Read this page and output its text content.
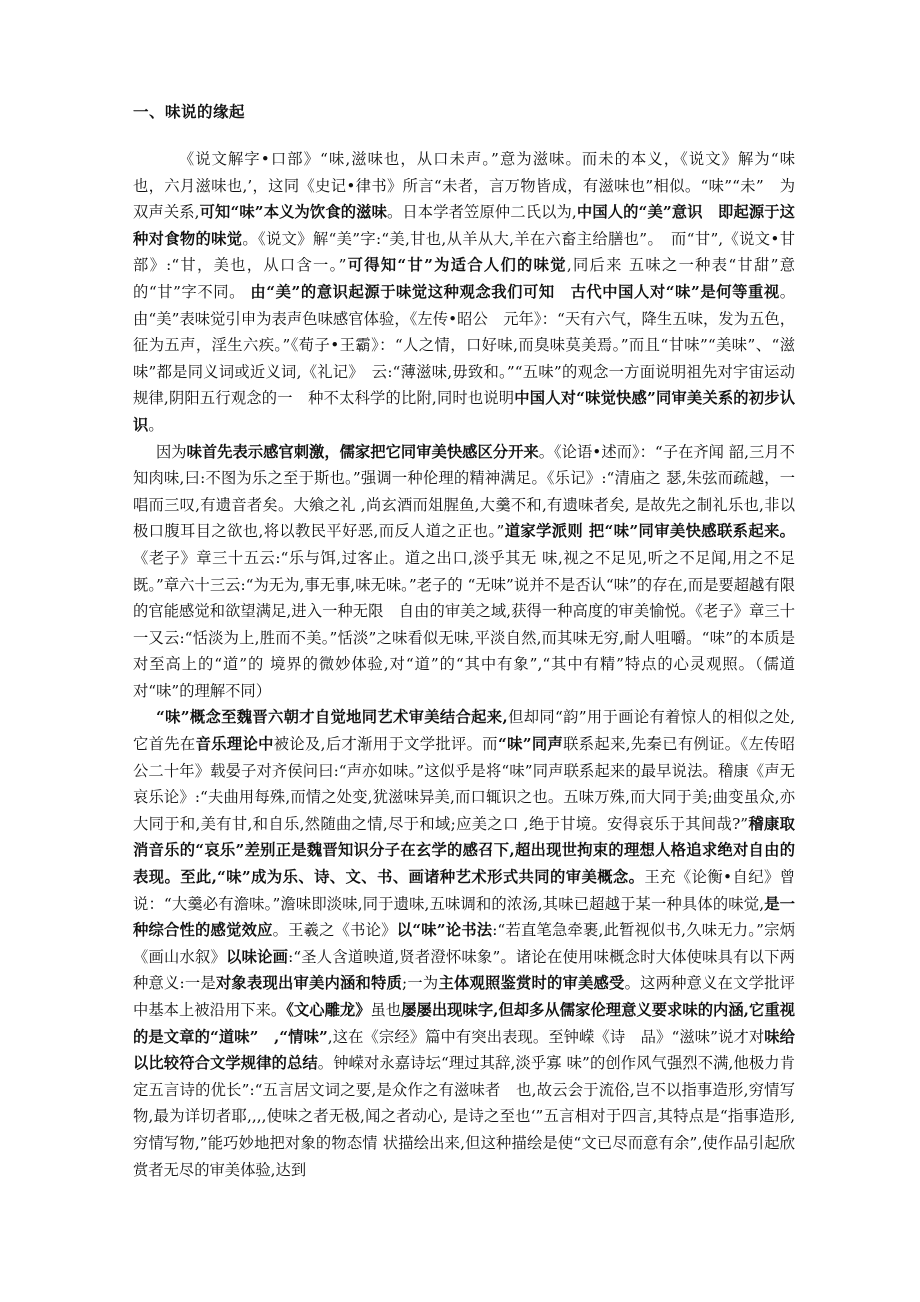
一、味说的缘起

《说文解字•口部》“味,滋味也，从口未声。”意为滋味。而未的本义，《说文》解为“味　　也，六月滋味也,’，这同《史记•律书》所言“未者，言万物皆成，有滋味也”相似。“味”“未”　为双声关系,可知“味”本义为饮食的滋味。日本学者笠原仲二氏以为,中国人的“美”意识　即起源于这种对食物的味觉。《说文》解“美”字:“美,甘也,从羊从大,羊在六畜主给膳也”。　而“甘”,《说文•甘部》:“甘，美也，从口含一。”可得知“甘”为适合人们的味觉,同后来 五味之一种表“甘甜”意的“甘”字不同。 由“美”的意识起源于味觉这种观念我们可知　古代中国人对“味”是何等重视。由“美”表味觉引申为表声色味感官体验，《左传•昭公　元年》：“天有六气，降生五味，发为五色，征为五声，淫生六疾。”《荀子•王霸》：“人之情，口好味,而臭味莫美焉。”而且“甘味”“美味”、“滋味”都是同义词或近义词,《礼记》　云:“薄滋味,毋致和。”“五味”的观念一方面说明祖先对宇宙运动规律,阴阳五行观念的一　种不太科学的比附,同时也说明中国人对“味觉快感”同审美关系的初步认识。

因为味首先表示感官刺激，儒家把它同审美快感区分开来。《论语•述而》：“子在齐闻 韶,三月不知肉味,曰:不图为乐之至于斯也。”强调一种伦理的精神满足。《乐记》:“清庙之 瑟,朱弦而疏越，一唱而三叹,有遗音者矣。大飨之礼 ,尚玄酒而俎腥鱼,大羹不和,有遗味者矣, 是故先之制礼乐也,非以极口腹耳目之欲也,将以教民平好恶,而反人道之正也。”道家学派则 把“味”同审美快感联系起来。《老子》章三十五云:“乐与饵,过客止。道之出口,淡乎其无 味,视之不足见,听之不足闻,用之不足既。”章六十三云:“为无为,事无事,味无味。”老子的 “无味”说并不是否认“味”的存在,而是要超越有限的官能感觉和欲望满足,进入一种无限　自由的审美之域,获得一种高度的审美愉悦。《老子》章三十一又云:“恬淡为上,胜而不美。”恬淡”之味看似无味,平淡自然,而其味无穷,耐人咀嚼。“味”的本质是对至高上的“道”的 境界的微妙体验,对“道”的“其中有象”,“其中有精”特点的心灵观照。（儒道对“味”的理解不同）

“味”概念至魏晋六朝才自觉地同艺术审美结合起来,但却同“韵”用于画论有着惊人的相似之处,它首先在音乐理论中被论及,后才渐用于文学批评。而“味”同声联系起来,先秦已有例证。《左传昭公二十年》载晏子对齐侯问曰:“声亦如味。”这似乎是将“味”同声联系起来的最早说法。稽康《声无哀乐论》:“夫曲用每殊,而情之处变,犹滋味异美,而口辄识之也。五味万殊,而大同于美;曲变虽众,亦大同于和,美有甘,和自乐,然随曲之情,尽于和域;应美之口 ,绝于甘境。安得哀乐于其间哉?”稽康取消音乐的“哀乐”差别正是魏晋知识分子在玄学的感召下,超出现世拘束的理想人格追求绝对自由的表现。至此,“味”成为乐、诗、文、书、画诸种艺术形式共同的审美概念。王充《论衡•自纪》曾说：“大羹必有澹味。”澹味即淡味,同于遗味,五味调和的浓汤,其味已超越于某一种具体的味觉,是一种综合性的感觉效应。王羲之《书论》以“味”论书法:“若直笔急牵裹,此暂视似书,久味无力。”宗炳《画山水叙》以味论画:“圣人含道映道,贤者澄怀味象”。诸论在使用味概念时大体使味具有以下两种意义:一是对象表现出审美内涵和特质;一为主体观照鉴赏时的审美感受。这两种意义在文学批评中基本上被沿用下来。《文心雕龙》虽也屡屡出现味字,但却多从儒家伦理意义要求味的内涵,它重视的是文章的“道味”　,“情味”,这在《宗经》篇中有突出表现。至钟嵘《诗　品》“滋味”说才对味给以比较符合文学规律的总结。钟嵘对永嘉诗坛“理过其辞,淡乎寡 味”的创作风气强烈不满,他极力肯定五言诗的优长”:“五言居文词之要,是众作之有滋味者　也,故云会于流俗,岂不以指事造形,穷情写物,最为详切者耶,,,,使味之者无极,闻之者动心, 是诗之至也‘”五言相对于四言,其特点是“指事造形,穷情写物,”能巧妙地把对象的物态情 状描绘出来,但这种描绘是使“文已尽而意有余”,使作品引起欣赏者无尽的审美体验,达到
